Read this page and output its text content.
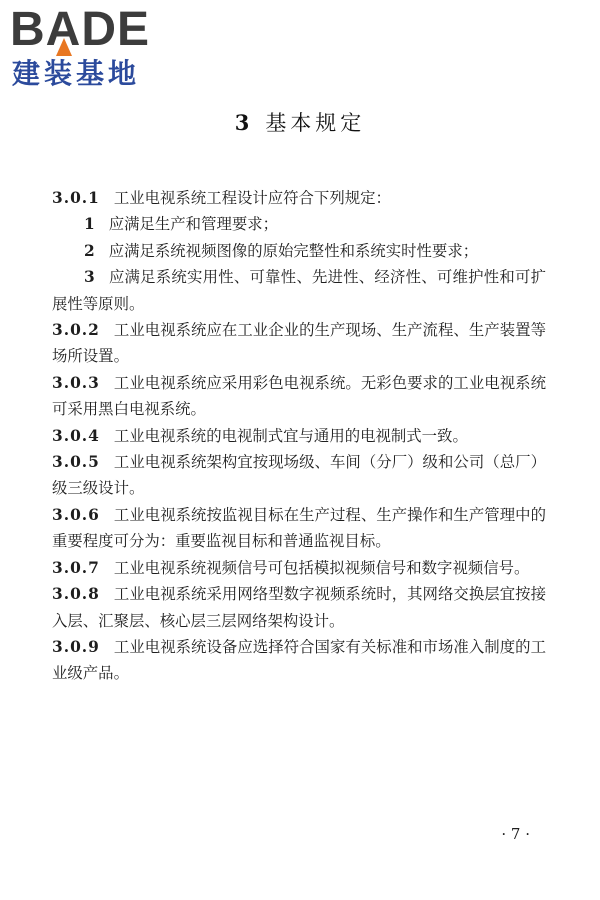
BA
DE
建装基地
3 基本规定

3.0.1 工业电视系统工程设计应符合下列规定：

1 应满足生产和管理要求；

2 应满足系统视频图像的原始完整性和系统实时性要求；

3 应满足系统实用性、可靠性、先进性、经济性、可维护性和可扩展性等原则。

3.0.2 工业电视系统应在工业企业的生产现场、生产流程、生产装置等场所设置。

3.0.3 工业电视系统应采用彩色电视系统。无彩色要求的工业电视系统可采用黑白电视系统。

3.0.4 工业电视系统的电视制式宜与通用的电视制式一致。

3.0.5 工业电视系统架构宜按现场级、车间（分厂）级和公司（总厂）级三级设计。

3.0.6 工业电视系统按监视目标在生产过程、生产操作和生产管理中的重要程度可分为：重要监视目标和普通监视目标。

3.0.7 工业电视系统视频信号可包括模拟视频信号和数字视频信号。

3.0.8 工业电视系统采用网络型数字视频系统时，其网络交换层宜按接入层、汇聚层、核心层三层网络架构设计。

3.0.9 工业电视系统设备应选择符合国家有关标准和市场准入制度的工业级产品。

· 7 ·
